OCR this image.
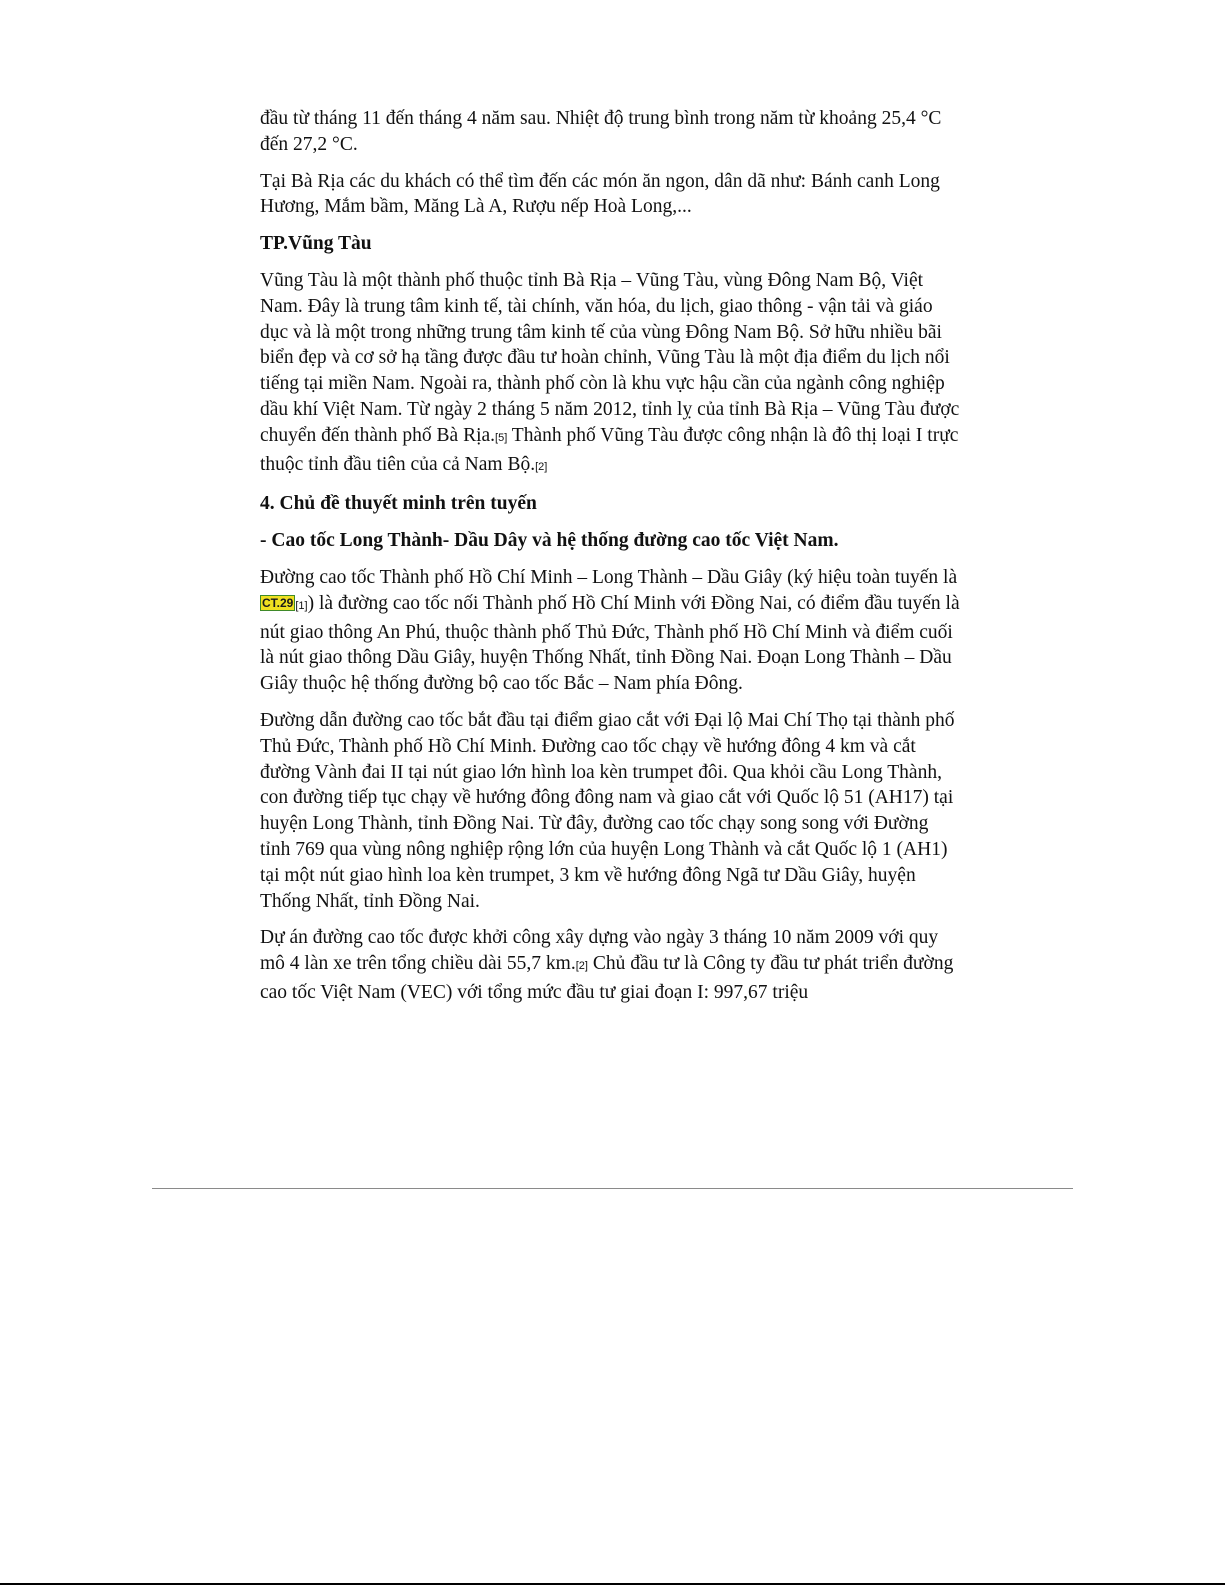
đầu từ tháng 11 đến tháng 4 năm sau. Nhiệt độ trung bình trong năm từ khoảng 25,4 °C đến 27,2 °C.

Tại Bà Rịa các du khách có thể tìm đến các món ăn ngon, dân dã như: Bánh canh Long Hương, Mắm bầm, Măng Là A, Rượu nếp Hoà Long,...

TP.Vũng Tàu

Vũng Tàu là một thành phố thuộc tỉnh Bà Rịa – Vũng Tàu, vùng Đông Nam Bộ, Việt Nam. Đây là trung tâm kinh tế, tài chính, văn hóa, du lịch, giao thông - vận tải và giáo dục và là một trong những trung tâm kinh tế của vùng Đông Nam Bộ. Sở hữu nhiều bãi biển đẹp và cơ sở hạ tầng được đầu tư hoàn chỉnh, Vũng Tàu là một địa điểm du lịch nổi tiếng tại miền Nam. Ngoài ra, thành phố còn là khu vực hậu cần của ngành công nghiệp dầu khí Việt Nam. Từ ngày 2 tháng 5 năm 2012, tỉnh lỵ của tỉnh Bà Rịa – Vũng Tàu được chuyển đến thành phố Bà Rịa.[5] Thành phố Vũng Tàu được công nhận là đô thị loại I trực thuộc tỉnh đầu tiên của cả Nam Bộ.[2]

4. Chủ đề thuyết minh trên tuyến

- Cao tốc Long Thành- Dầu Dây và hệ thống đường cao tốc Việt Nam.

Đường cao tốc Thành phố Hồ Chí Minh – Long Thành – Dầu Giây (ký hiệu toàn tuyến là CT.29 [1]) là đường cao tốc nối Thành phố Hồ Chí Minh với Đồng Nai, có điểm đầu tuyến là nút giao thông An Phú, thuộc thành phố Thủ Đức, Thành phố Hồ Chí Minh và điểm cuối là nút giao thông Dầu Giây, huyện Thống Nhất, tỉnh Đồng Nai. Đoạn Long Thành – Dầu Giây thuộc hệ thống đường bộ cao tốc Bắc – Nam phía Đông.

Đường dẫn đường cao tốc bắt đầu tại điểm giao cắt với Đại lộ Mai Chí Thọ tại thành phố Thủ Đức, Thành phố Hồ Chí Minh. Đường cao tốc chạy về hướng đông 4 km và cắt đường Vành đai II tại nút giao lớn hình loa kèn trumpet đôi. Qua khỏi cầu Long Thành, con đường tiếp tục chạy về hướng đông đông nam và giao cắt với Quốc lộ 51 (AH17) tại huyện Long Thành, tỉnh Đồng Nai. Từ đây, đường cao tốc chạy song song với Đường tỉnh 769 qua vùng nông nghiệp rộng lớn của huyện Long Thành và cắt Quốc lộ 1 (AH1) tại một nút giao hình loa kèn trumpet, 3 km về hướng đông Ngã tư Dầu Giây, huyện Thống Nhất, tỉnh Đồng Nai.

Dự án đường cao tốc được khởi công xây dựng vào ngày 3 tháng 10 năm 2009 với quy mô 4 làn xe trên tổng chiều dài 55,7 km.[2] Chủ đầu tư là Công ty đầu tư phát triển đường cao tốc Việt Nam (VEC) với tổng mức đầu tư giai đoạn I: 997,67 triệu
